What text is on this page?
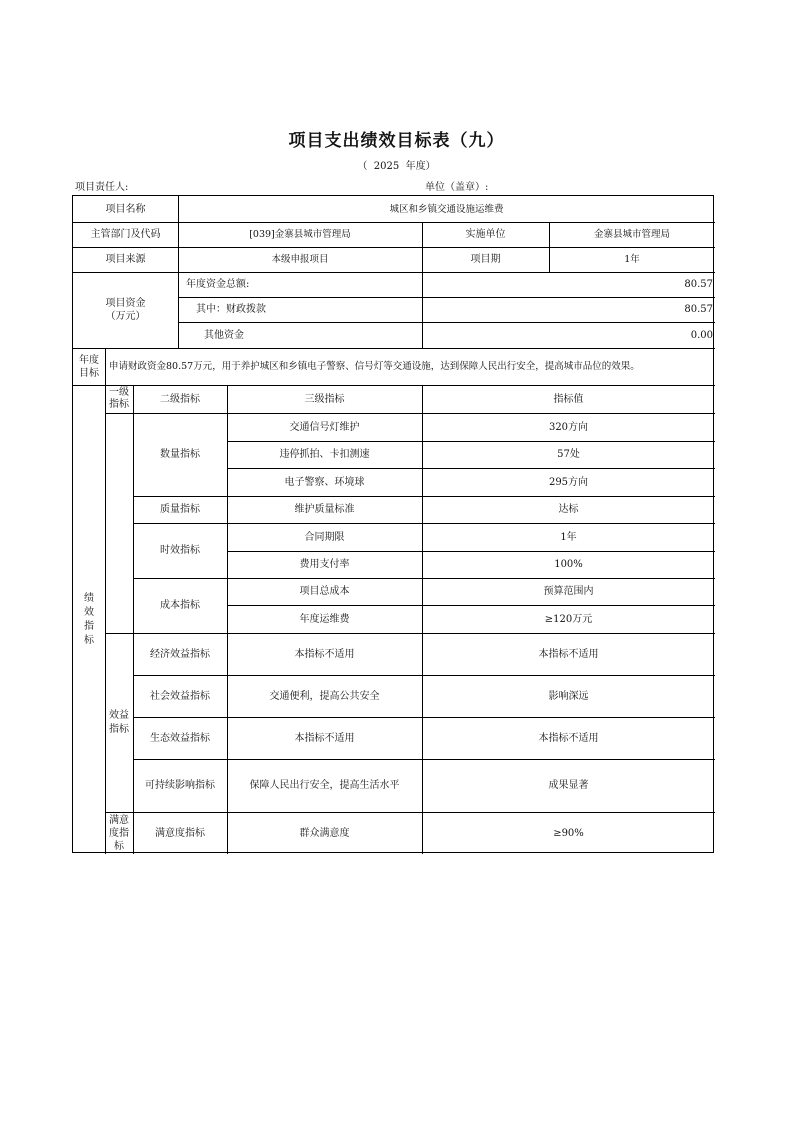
项目支出绩效目标表（九）
（  2025  年度）
项目责任人:	单位（盖章）:
项目名称	城区和乡镇交通设施运维费
主管部门及代码	[039]金寨县城市管理局	实施单位	金寨县城市管理局
项目来源	本级申报项目	项目期	1年
项目资金
（万元）
年度资金总额:	80.57
其中：财政拨款	80.57
其他资金	0.00
年度
目标
申请财政资金80.57万元，用于养护城区和乡镇电子警察、信号灯等交通设施，达到保障人民出行安全，提高城市品位的效果。
绩
效
指
标
一级
指标	二级指标	三级指标	指标值
数量指标
交通信号灯维护	320方向
违停抓拍、卡扣测速	57处
电子警察、环境球	295方向
质量指标	维护质量标准	达标
时效指标
合同期限	1年
费用支付率	100%
成本指标
项目总成本	预算范围内
年度运维费	≥120万元
效益
指标
经济效益指标	本指标不适用	本指标不适用
社会效益指标	交通便利，提高公共安全	影响深远
生态效益指标	本指标不适用	本指标不适用
可持续影响指标	保障人民出行安全，提高生活水平	成果显著
满意
度指
标
满意度指标	群众满意度	≥90%
